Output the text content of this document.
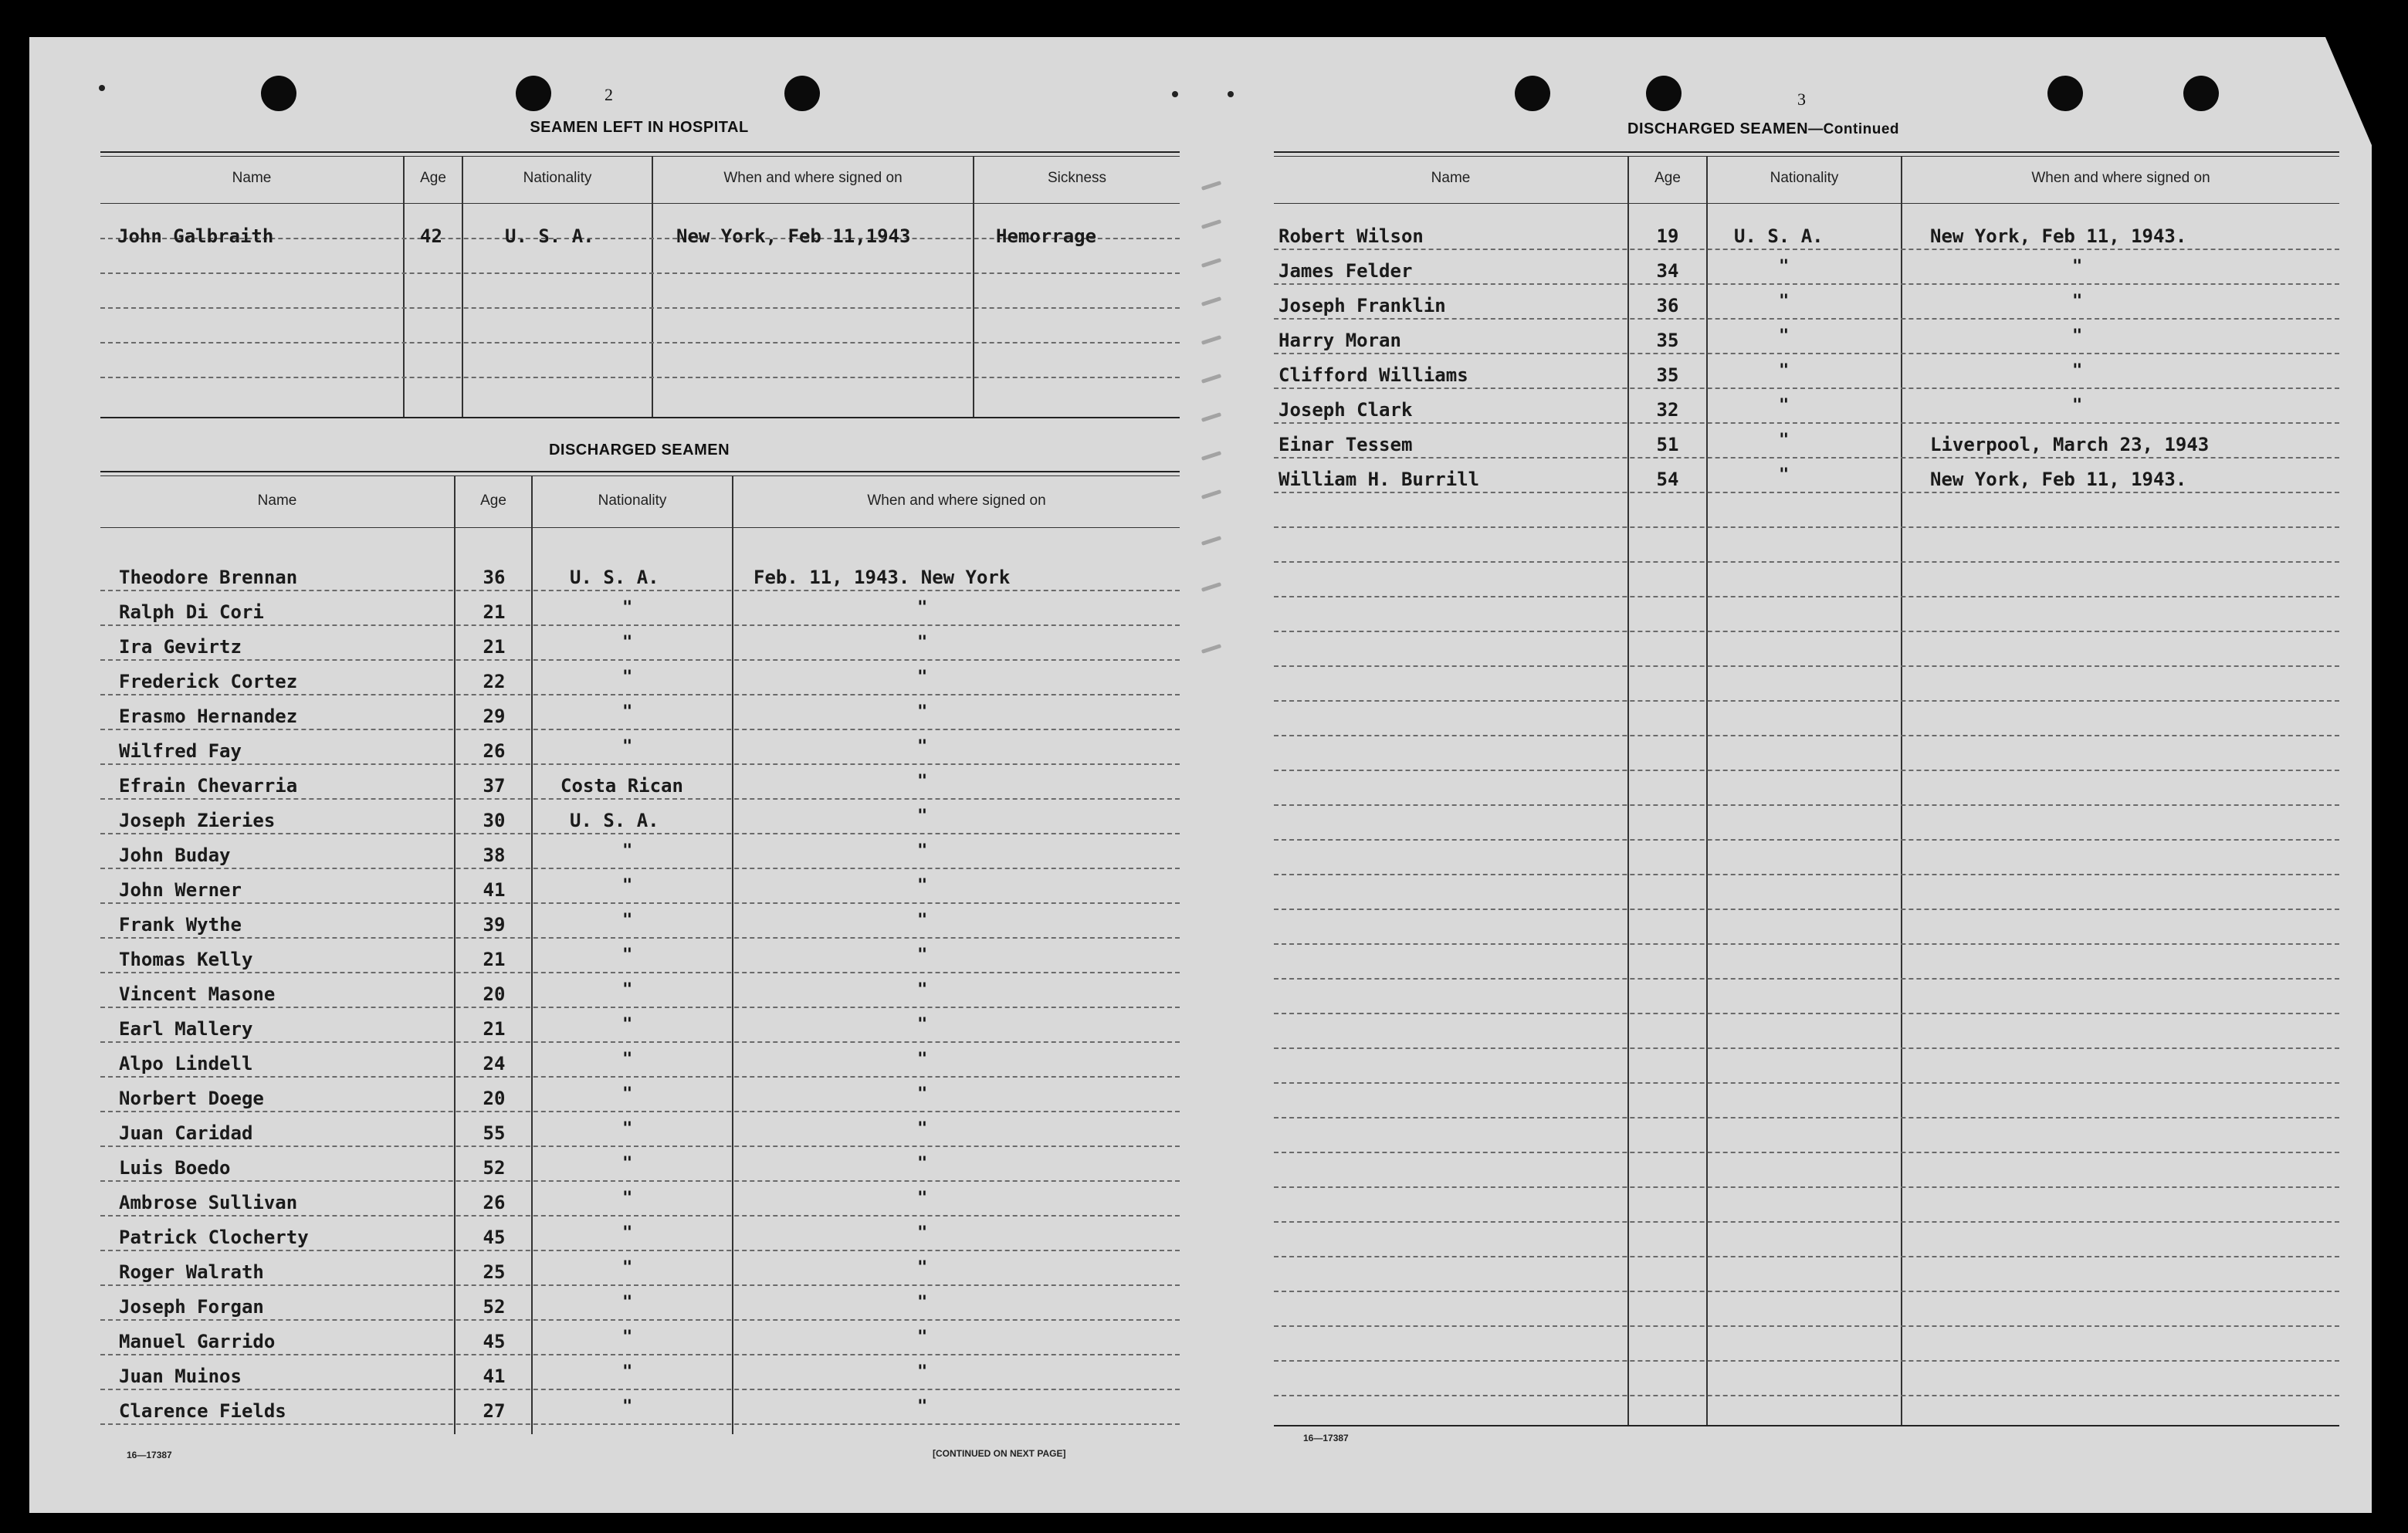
2
SEAMEN LEFT IN HOSPITAL
Name	Age	Nationality	When and where signed on	Sickness
John Galbraith	42	U. S. A.	New York, Feb 11,1943	Hemorrage
DISCHARGED SEAMEN
Name	Age	Nationality	When and where signed on
Theodore Brennan	36	U. S. A.	Feb. 11, 1943. New York
Ralph Di Cori	21	"	"
Ira Gevirtz	21	"	"
Frederick Cortez	22	"	"
Erasmo Hernandez	29	"	"
Wilfred Fay	26	"	"
Efrain Chevarria	37	Costa Rican	"
Joseph Zieries	30	U. S. A.	"
John Buday	38	"	"
John Werner	41	"	"
Frank Wythe	39	"	"
Thomas Kelly	21	"	"
Vincent Masone	20	"	"
Earl Mallery	21	"	"
Alpo Lindell	24	"	"
Norbert Doege	20	"	"
Juan Caridad	55	"	"
Luis Boedo	52	"	"
Ambrose Sullivan	26	"	"
Patrick Clocherty	45	"	"
Roger Walrath	25	"	"
Joseph Forgan	52	"	"
Manuel Garrido	45	"	"
Juan Muinos	41	"	"
Clarence Fields	27	"	"
16—17387	[CONTINUED ON NEXT PAGE]
3
DISCHARGED SEAMEN—Continued
Name	Age	Nationality	When and where signed on
Robert Wilson	19	U. S. A.	New York, Feb 11, 1943.
James Felder	34	"	"
Joseph Franklin	36	"	"
Harry Moran	35	"	"
Clifford Williams	35	"	"
Joseph Clark	32	"	"
Einar Tessem	51	"	Liverpool, March 23, 1943
William H. Burrill	54	"	New York, Feb 11, 1943.
16—17387
